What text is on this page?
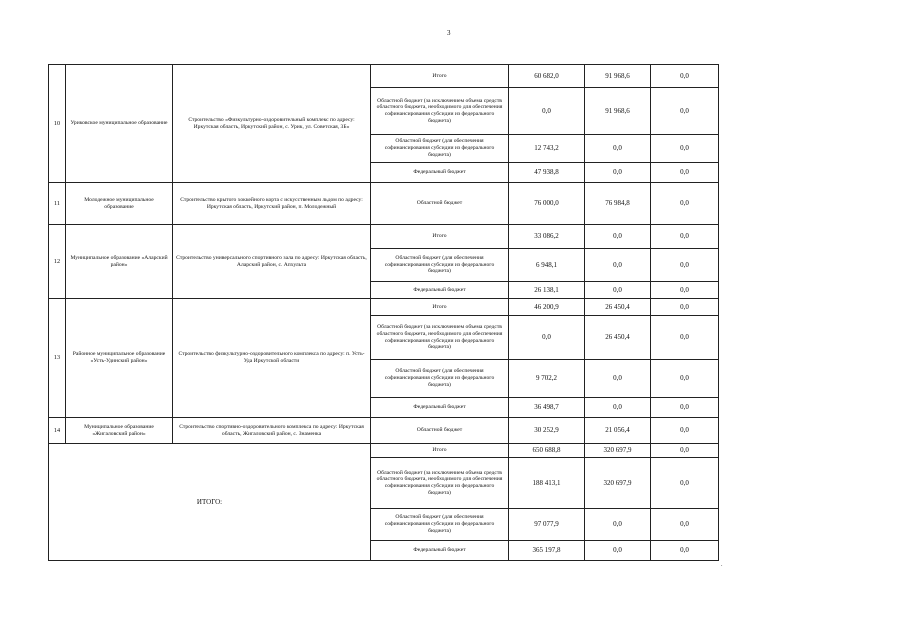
3
10	Уриковское муниципальное образование	Строительство «Физкультурно-оздоровительный комплекс по адресу: Иркутская область, Иркутский район, с. Урик, ул. Советская, 3Б»	Итого	60 682,0	91 968,6	0,0
			Областной бюджет (за исключением объема средств областного бюджета, необходимого для обеспечения софинансирования субсидии из федерального бюджета)	0,0	91 968,6	0,0
			Областной бюджет (для обеспечения софинансирования субсидии из федерального бюджета)	12 743,2	0,0	0,0
			Федеральный бюджет	47 938,8	0,0	0,0
11	Молодежное муниципальное образование	Строительство крытого хоккейного корта с искусственным льдом по адресу: Иркутская область, Иркутский район, п. Молодежный	Областной бюджет	76 000,0	76 984,8	0,0
12	Муниципальное образование «Аларский район»	Строительство универсального спортивного зала по адресу: Иркутская область, Аларский район, с. Апхульта	Итого	33 086,2	0,0	0,0
			Областной бюджет (для обеспечения софинансирования субсидии из федерального бюджета)	6 948,1	0,0	0,0
			Федеральный бюджет	26 138,1	0,0	0,0
13	Районное муниципальное образование «Усть-Удинский район»	Строительство физкультурно-оздоровительного комплекса по адресу: п. Усть-Уда Иркутской области	Итого	46 200,9	26 450,4	0,0
			Областной бюджет (за исключением объема средств областного бюджета, необходимого для обеспечения софинансирования субсидии из федерального бюджета)	0,0	26 450,4	0,0
			Областной бюджет (для обеспечения софинансирования субсидии из федерального бюджета)	9 702,2	0,0	0,0
			Федеральный бюджет	36 498,7	0,0	0,0
14	Муниципальное образование «Жигаловский район»	Строительство спортивно-оздоровительного комплекса по адресу: Иркутская область, Жигаловский район, с. Знаменка	Областной бюджет	30 252,9	21 056,4	0,0
ИТОГО:			Итого	650 688,8	320 697,9	0,0
			Областной бюджет (за исключением объема средств областного бюджета, необходимого для обеспечения софинансирования субсидии из федерального бюджета)	188 413,1	320 697,9	0,0
			Областной бюджет (для обеспечения софинансирования субсидии из федерального бюджета)	97 077,9	0,0	0,0
			Федеральный бюджет	365 197,8	0,0	0,0
.
